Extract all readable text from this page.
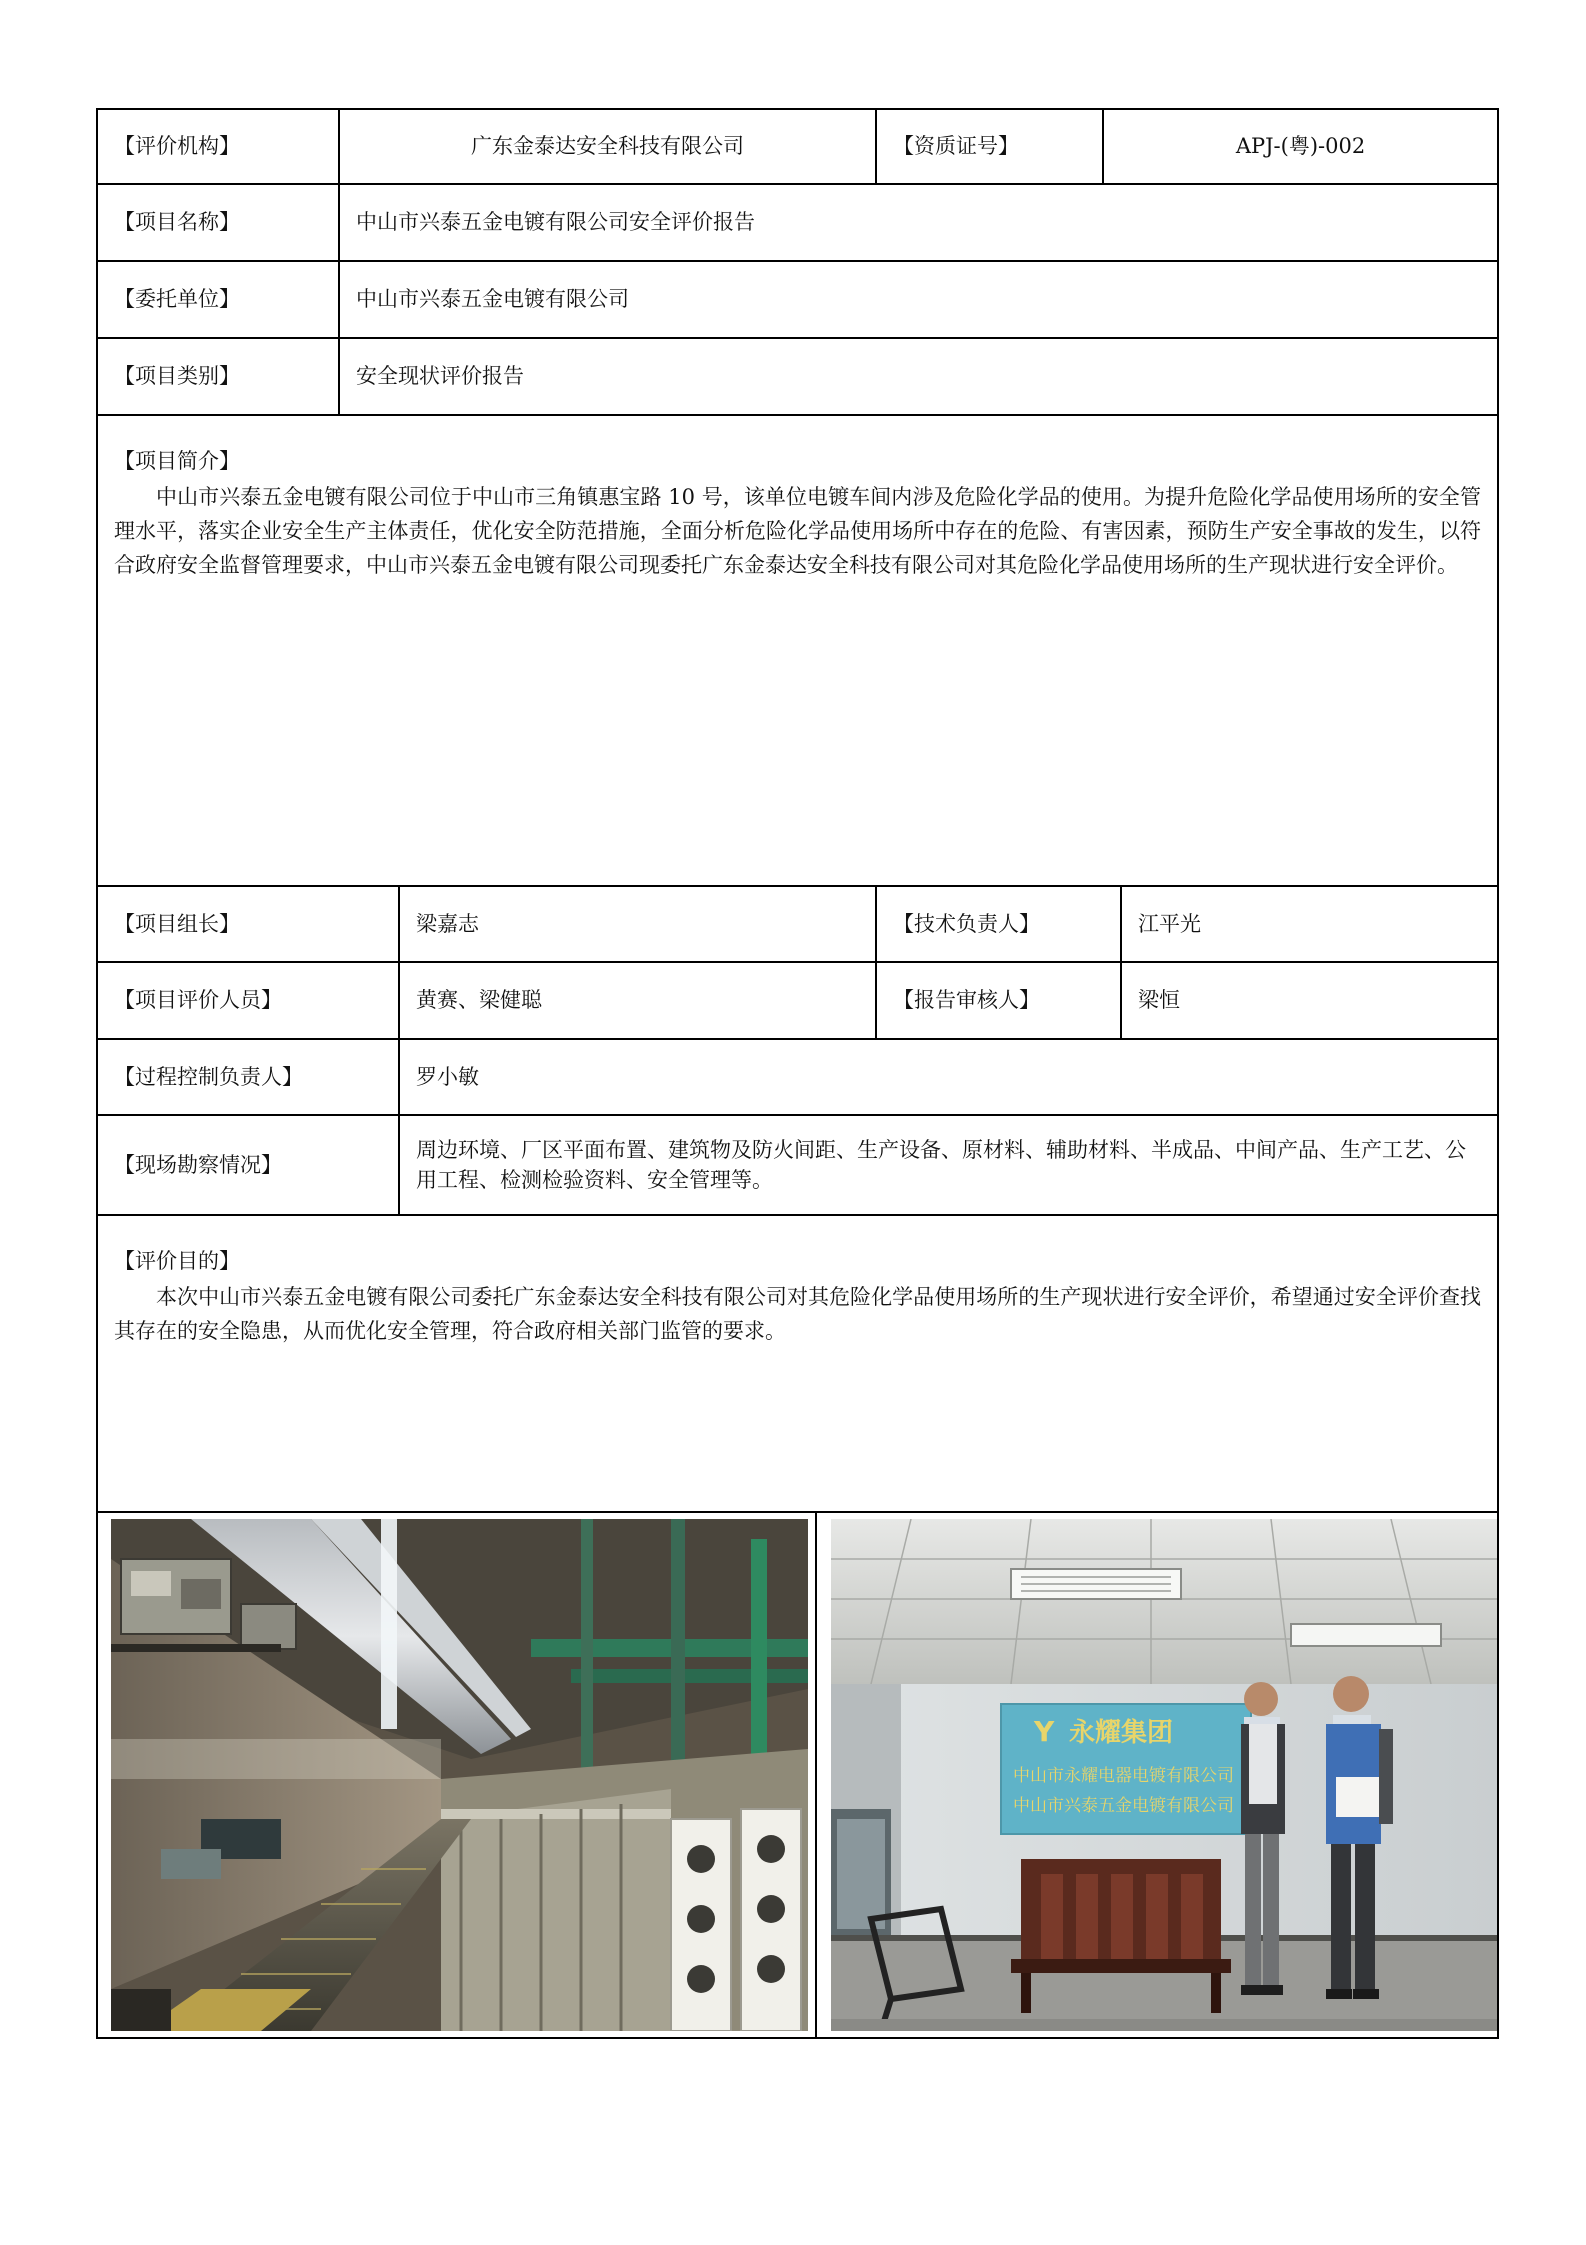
【评价机构】	广东金泰达安全科技有限公司	【资质证号】	APJ-(粤)-002
【项目名称】	中山市兴泰五金电镀有限公司安全评价报告
【委托单位】	中山市兴泰五金电镀有限公司
【项目类别】	安全现状评价报告
【项目简介】

中山市兴泰五金电镀有限公司位于中山市三角镇惠宝路 10 号，该单位电镀车间内涉及危险化学品的使用。为提升危险化学品使用场所的安全管理水平，落实企业安全生产主体责任，优化安全防范措施，全面分析危险化学品使用场所中存在的危险、有害因素，预防生产安全事故的发生，以符合政府安全监督管理要求，中山市兴泰五金电镀有限公司现委托广东金泰达安全科技有限公司对其危险化学品使用场所的生产现状进行安全评价。

【项目组长】	梁嘉志	【技术负责人】	江平光
【项目评价人员】	黄赛、梁健聪	【报告审核人】	梁恒
【过程控制负责人】	罗小敏
【现场勘察情况】
周边环境、厂区平面布置、建筑物及防火间距、生产设备、原材料、辅助材料、半成品、中间产品、生产工艺、公用工程、检测检验资料、安全管理等。
【评价目的】

本次中山市兴泰五金电镀有限公司委托广东金泰达安全科技有限公司对其危险化学品使用场所的生产现状进行安全评价，希望通过安全评价查找其存在的安全隐患，从而优化安全管理，符合政府相关部门监管的要求。

Y 永耀集团
中山市永耀电器电镀有限公司
中山市兴泰五金电镀有限公司
